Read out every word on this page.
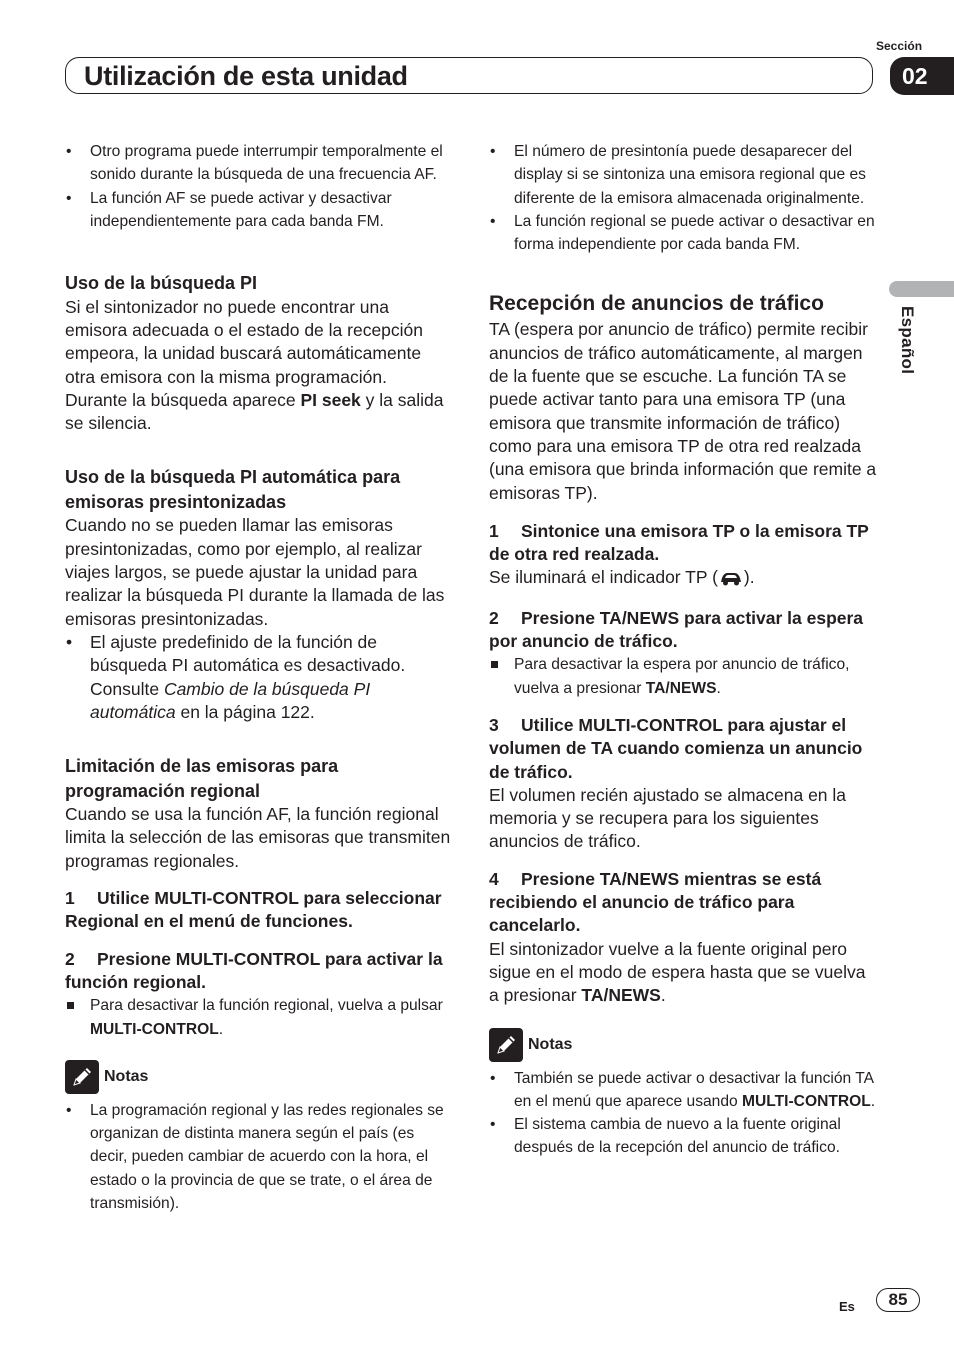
Sección
Utilización de esta unidad	02
Español
• Otro programa puede interrumpir temporalmente el sonido durante la búsqueda de una frecuencia AF.
• La función AF se puede activar y desactivar independientemente para cada banda FM.
Uso de la búsqueda PI

Si el sintonizador no puede encontrar una emisora adecuada o el estado de la recepción empeora, la unidad buscará automáticamente otra emisora con la misma programación. Durante la búsqueda aparece PI seek y la salida se silencia.

Uso de la búsqueda PI automática para emisoras presintonizadas

Cuando no se pueden llamar las emisoras presintonizadas, como por ejemplo, al realizar viajes largos, se puede ajustar la unidad para realizar la búsqueda PI durante la llamada de las emisoras presintonizadas.

• El ajuste predefinido de la función de búsqueda PI automática es desactivado. Consulte Cambio de la búsqueda PI automática en la página 122.
Limitación de las emisoras para programación regional

Cuando se usa la función AF, la función regional limita la selección de las emisoras que transmiten programas regionales.

1 Utilice MULTI-CONTROL para seleccionar Regional en el menú de funciones.

2 Presione MULTI-CONTROL para activar la función regional.

Para desactivar la función regional, vuelva a pulsar MULTI-CONTROL.

Notas
• La programación regional y las redes regionales se organizan de distinta manera según el país (es decir, pueden cambiar de acuerdo con la hora, el estado o la provincia de que se trate, o el área de transmisión).
• El número de presintonía puede desaparecer del display si se sintoniza una emisora regional que es diferente de la emisora almacenada originalmente.
• La función regional se puede activar o desactivar en forma independiente por cada banda FM.
Recepción de anuncios de tráfico

TA (espera por anuncio de tráfico) permite recibir anuncios de tráfico automáticamente, al margen de la fuente que se escuche. La función TA se puede activar tanto para una emisora TP (una emisora que transmite información de tráfico) como para una emisora TP de otra red realzada (una emisora que brinda información que remite a emisoras TP).

1 Sintonice una emisora TP o la emisora TP de otra red realzada.

Se iluminará el indicador TP ( ).

2 Presione TA/NEWS para activar la espera por anuncio de tráfico.

Para desactivar la espera por anuncio de tráfico, vuelva a presionar TA/NEWS.

3 Utilice MULTI-CONTROL para ajustar el volumen de TA cuando comienza un anuncio de tráfico.

El volumen recién ajustado se almacena en la memoria y se recupera para los siguientes anuncios de tráfico.

4 Presione TA/NEWS mientras se está recibiendo el anuncio de tráfico para cancelarlo.

El sintonizador vuelve a la fuente original pero sigue en el modo de espera hasta que se vuelva a presionar TA/NEWS.

Notas
• También se puede activar o desactivar la función TA en el menú que aparece usando MULTI-CONTROL.
• El sistema cambia de nuevo a la fuente original después de la recepción del anuncio de tráfico.
Es	85
